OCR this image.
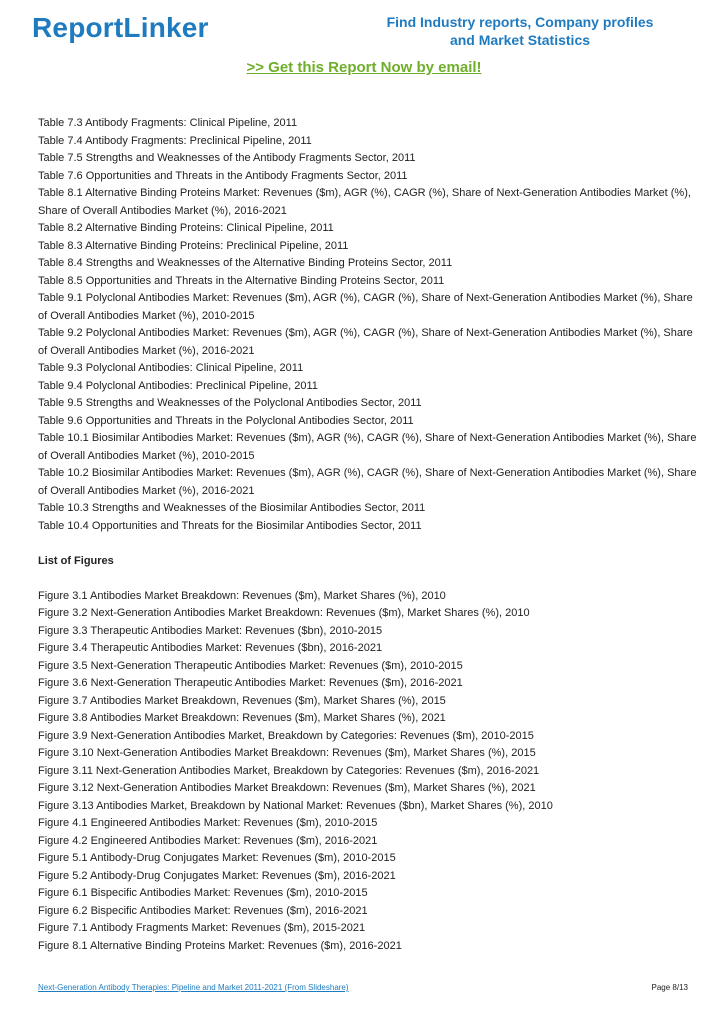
ReportLinker	Find Industry reports, Company profiles
and Market Statistics
>> Get this Report Now by email!
Table 7.3 Antibody Fragments: Clinical Pipeline, 2011
Table 7.4 Antibody Fragments: Preclinical Pipeline, 2011
Table 7.5 Strengths and Weaknesses of the Antibody Fragments Sector, 2011
Table 7.6 Opportunities and Threats in the Antibody Fragments Sector, 2011
Table 8.1 Alternative Binding Proteins Market: Revenues ($m), AGR (%), CAGR (%), Share of Next-Generation Antibodies Market (%), Share of Overall Antibodies Market (%), 2016-2021
Table 8.2 Alternative Binding Proteins: Clinical Pipeline, 2011
Table 8.3 Alternative Binding Proteins: Preclinical Pipeline, 2011
Table 8.4 Strengths and Weaknesses of the Alternative Binding Proteins Sector, 2011
Table 8.5 Opportunities and Threats in the Alternative Binding Proteins Sector, 2011
Table 9.1 Polyclonal Antibodies Market: Revenues ($m), AGR (%), CAGR (%), Share of Next-Generation Antibodies Market (%), Share of Overall Antibodies Market (%), 2010-2015
Table 9.2 Polyclonal Antibodies Market: Revenues ($m), AGR (%), CAGR (%), Share of Next-Generation Antibodies Market (%), Share of Overall Antibodies Market (%), 2016-2021
Table 9.3 Polyclonal Antibodies: Clinical Pipeline, 2011
Table 9.4 Polyclonal Antibodies: Preclinical Pipeline, 2011
Table 9.5 Strengths and Weaknesses of the Polyclonal Antibodies Sector, 2011
Table 9.6 Opportunities and Threats in the Polyclonal Antibodies Sector, 2011
Table 10.1 Biosimilar Antibodies Market: Revenues ($m), AGR (%), CAGR (%), Share of Next-Generation Antibodies Market (%), Share of Overall Antibodies Market (%), 2010-2015
Table 10.2 Biosimilar Antibodies Market: Revenues ($m), AGR (%), CAGR (%), Share of Next-Generation Antibodies Market (%), Share of Overall Antibodies Market (%), 2016-2021
Table 10.3 Strengths and Weaknesses of the Biosimilar Antibodies Sector, 2011
Table 10.4 Opportunities and Threats for the Biosimilar Antibodies Sector, 2011
List of Figures
Figure 3.1 Antibodies Market Breakdown: Revenues ($m), Market Shares (%), 2010
Figure 3.2 Next-Generation Antibodies Market Breakdown: Revenues ($m), Market Shares (%), 2010
Figure 3.3 Therapeutic Antibodies Market: Revenues ($bn), 2010-2015
Figure 3.4 Therapeutic Antibodies Market: Revenues ($bn), 2016-2021
Figure 3.5 Next-Generation Therapeutic Antibodies Market: Revenues ($m), 2010-2015
Figure 3.6 Next-Generation Therapeutic Antibodies Market: Revenues ($m), 2016-2021
Figure 3.7 Antibodies Market Breakdown, Revenues ($m), Market Shares (%), 2015
Figure 3.8 Antibodies Market Breakdown: Revenues ($m), Market Shares (%), 2021
Figure 3.9 Next-Generation Antibodies Market, Breakdown by Categories: Revenues ($m), 2010-2015
Figure 3.10 Next-Generation Antibodies Market Breakdown: Revenues ($m), Market Shares (%), 2015
Figure 3.11 Next-Generation Antibodies Market, Breakdown by Categories: Revenues ($m), 2016-2021
Figure 3.12 Next-Generation Antibodies Market Breakdown: Revenues ($m), Market Shares (%), 2021
Figure 3.13 Antibodies Market, Breakdown by National Market: Revenues ($bn), Market Shares (%), 2010
Figure 4.1 Engineered Antibodies Market: Revenues ($m), 2010-2015
Figure 4.2 Engineered Antibodies Market: Revenues ($m), 2016-2021
Figure 5.1 Antibody-Drug Conjugates Market: Revenues ($m), 2010-2015
Figure 5.2 Antibody-Drug Conjugates Market: Revenues ($m), 2016-2021
Figure 6.1 Bispecific Antibodies Market: Revenues ($m), 2010-2015
Figure 6.2 Bispecific Antibodies Market: Revenues ($m), 2016-2021
Figure 7.1 Antibody Fragments Market: Revenues ($m), 2015-2021
Figure 8.1 Alternative Binding Proteins Market: Revenues ($m), 2016-2021
Next-Generation Antibody Therapies: Pipeline and Market 2011-2021 (From Slideshare)	Page 8/13
